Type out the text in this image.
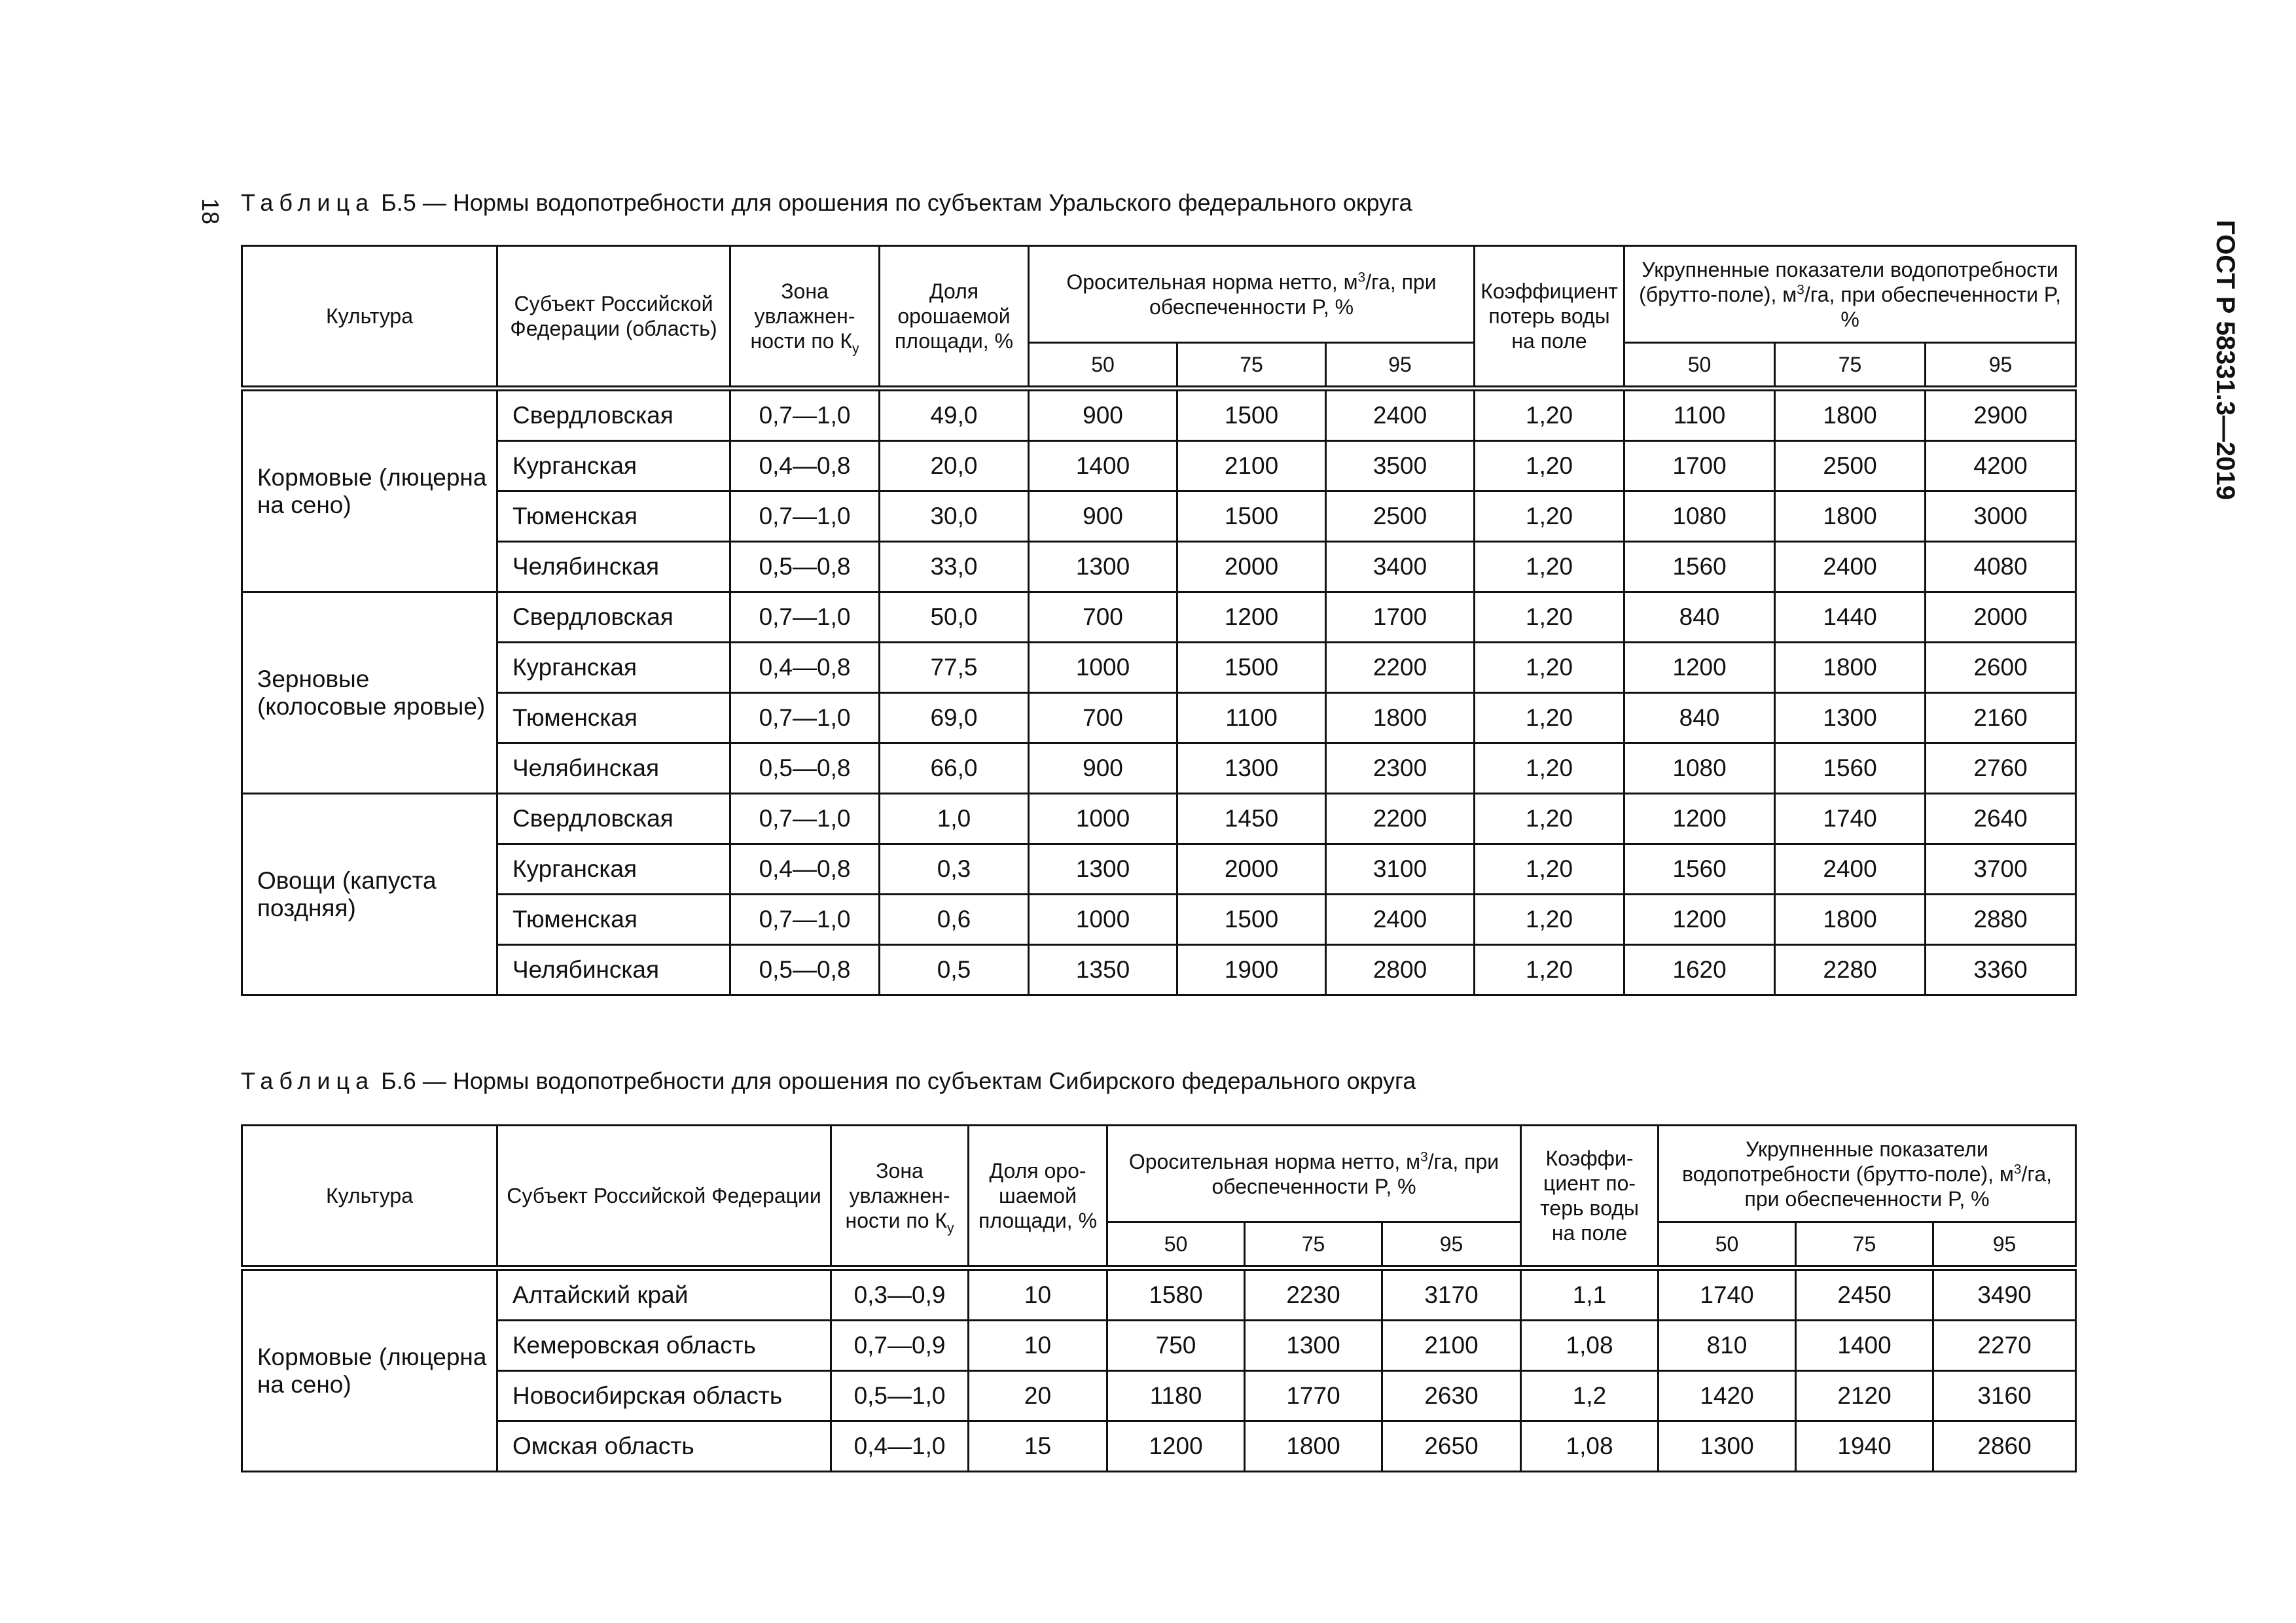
18
ГОСТ Р 58331.3—2019
Таблица Б.5 — Нормы водопотребности для орошения по субъектам Уральского федерального округа
Культура	Субъект Российской Федерации (область)	Зона увлажненности по $К_у$	Доля орошаемой площади, %	Оросительная норма нетто, $м^3/га$, при обеспеченности P, %			Коэффициент потерь воды на поле	Укрупненные показатели водопотребности (брутто-поле), $м^3/га$, при обеспеченности P, %		
				50	75	95		50	75	95
Кормовые (люцерна на сено)	Свердловская	0,7—1,0	49,0	900	1500	2400	1,20	1100	1800	2900
	Курганская	0,4—0,8	20,0	1400	2100	3500	1,20	1700	2500	4200
	Тюменская	0,7—1,0	30,0	900	1500	2500	1,20	1080	1800	3000
	Челябинская	0,5—0,8	33,0	1300	2000	3400	1,20	1560	2400	4080
Зерновые (колосовые яровые)	Свердловская	0,7—1,0	50,0	700	1200	1700	1,20	840	1440	2000
	Курганская	0,4—0,8	77,5	1000	1500	2200	1,20	1200	1800	2600
	Тюменская	0,7—1,0	69,0	700	1100	1800	1,20	840	1300	2160
	Челябинская	0,5—0,8	66,0	900	1300	2300	1,20	1080	1560	2760
Овощи (капуста поздняя)	Свердловская	0,7—1,0	1,0	1000	1450	2200	1,20	1200	1740	2640
	Курганская	0,4—0,8	0,3	1300	2000	3100	1,20	1560	2400	3700
	Тюменская	0,7—1,0	0,6	1000	1500	2400	1,20	1200	1800	2880
	Челябинская	0,5—0,8	0,5	1350	1900	2800	1,20	1620	2280	3360
Таблица Б.6 — Нормы водопотребности для орошения по субъектам Сибирского федерального округа
Культура	Субъект Российской Федерации	Зона увлажненности по $К_у$	Доля орошаемой площади, %	Оросительная норма нетто, $м^3/га$, при обеспеченности P, %			Коэффициент потерь воды на поле	Укрупненные показатели водопотребности (брутто-поле), $м^3/га$, при обеспеченности P, %		
				50	75	95		50	75	95
Кормовые (люцерна на сено)	Алтайский край	0,3—0,9	10	1580	2230	3170	1,1	1740	2450	3490
	Кемеровская область	0,7—0,9	10	750	1300	2100	1,08	810	1400	2270
	Новосибирская область	0,5—1,0	20	1180	1770	2630	1,2	1420	2120	3160
	Омская область	0,4—1,0	15	1200	1800	2650	1,08	1300	1940	2860
